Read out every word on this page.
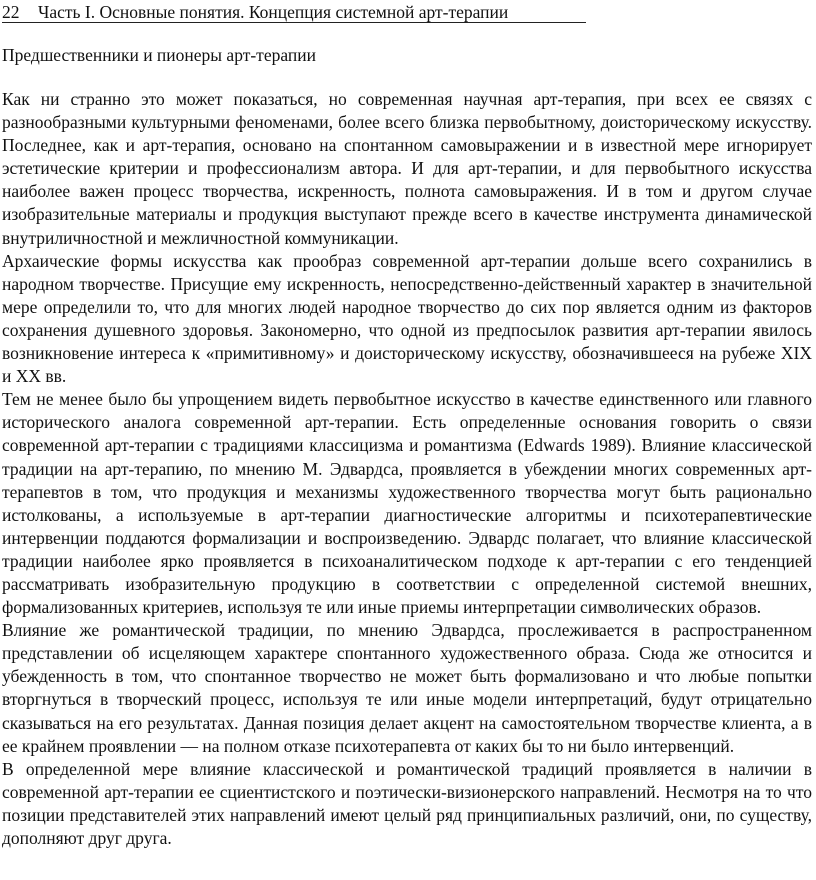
22 Часть I. Основные понятия. Концепция системной арт-терапии
Предшественники и пионеры арт-терапии

Как ни странно это может показаться, но современная научная арт-терапия, при всех ее связях с разнообразными культурными феноменами, более всего близка первобытному, доисторическому искусству. Последнее, как и арт-терапия, основано на спонтанном самовыражении и в известной мере игнорирует эстетические критерии и профессионализм автора. И для арт-терапии, и для первобытного искусства наиболее важен процесс творчества, искренность, полнота самовыражения. И в том и другом случае изобразительные материалы и продукция выступают прежде всего в качестве инструмента динамической внутриличностной и межличностной коммуникации.

Архаические формы искусства как прообраз современной арт-терапии дольше всего сохранились в народном творчестве. Присущие ему искренность, непосредственно-действенный характер в значительной мере определили то, что для многих людей народное творчество до сих пор является одним из факторов сохранения душевного здоровья. Закономерно, что одной из предпосылок развития арт-терапии явилось возникновение интереса к «примитивному» и доисторическому искусству, обозначившееся на рубеже XIX и XX вв.

Тем не менее было бы упрощением видеть первобытное искусство в качестве единственного или главного исторического аналога современной арт-терапии. Есть определенные основания говорить о связи современной арт-терапии с традициями классицизма и романтизма (Edwards 1989). Влияние классической традиции на арт-терапию, по мнению М. Эдвардса, проявляется в убеждении многих современных арт-терапевтов в том, что продукция и механизмы художественного творчества могут быть рационально истолкованы, а используемые в арт-терапии диагностические алгоритмы и психотерапевтические интервенции поддаются формализации и воспроизведению. Эдвардс полагает, что влияние классической традиции наиболее ярко проявляется в психоаналитическом подходе к арт-терапии с его тенденцией рассматривать изобразительную продукцию в соответствии с определенной системой внешних, формализованных критериев, используя те или иные приемы интерпретации символических образов.

Влияние же романтической традиции, по мнению Эдвардса, прослеживается в распространенном представлении об исцеляющем характере спонтанного художественного образа. Сюда же относится и убежденность в том, что спонтанное творчество не может быть формализовано и что любые попытки вторгнуться в творческий процесс, используя те или иные модели интерпретаций, будут отрицательно сказываться на его результатах. Данная позиция делает акцент на самостоятельном творчестве клиента, а в ее крайнем проявлении — на полном отказе психотерапевта от каких бы то ни было интервенций.

В определенной мере влияние классической и романтической традиций проявляется в наличии в современной арт-терапии ее сциентистского и поэтически-визионерского направлений. Несмотря на то что позиции представителей этих направлений имеют целый ряд принципиальных различий, они, по существу, дополняют друг друга.
